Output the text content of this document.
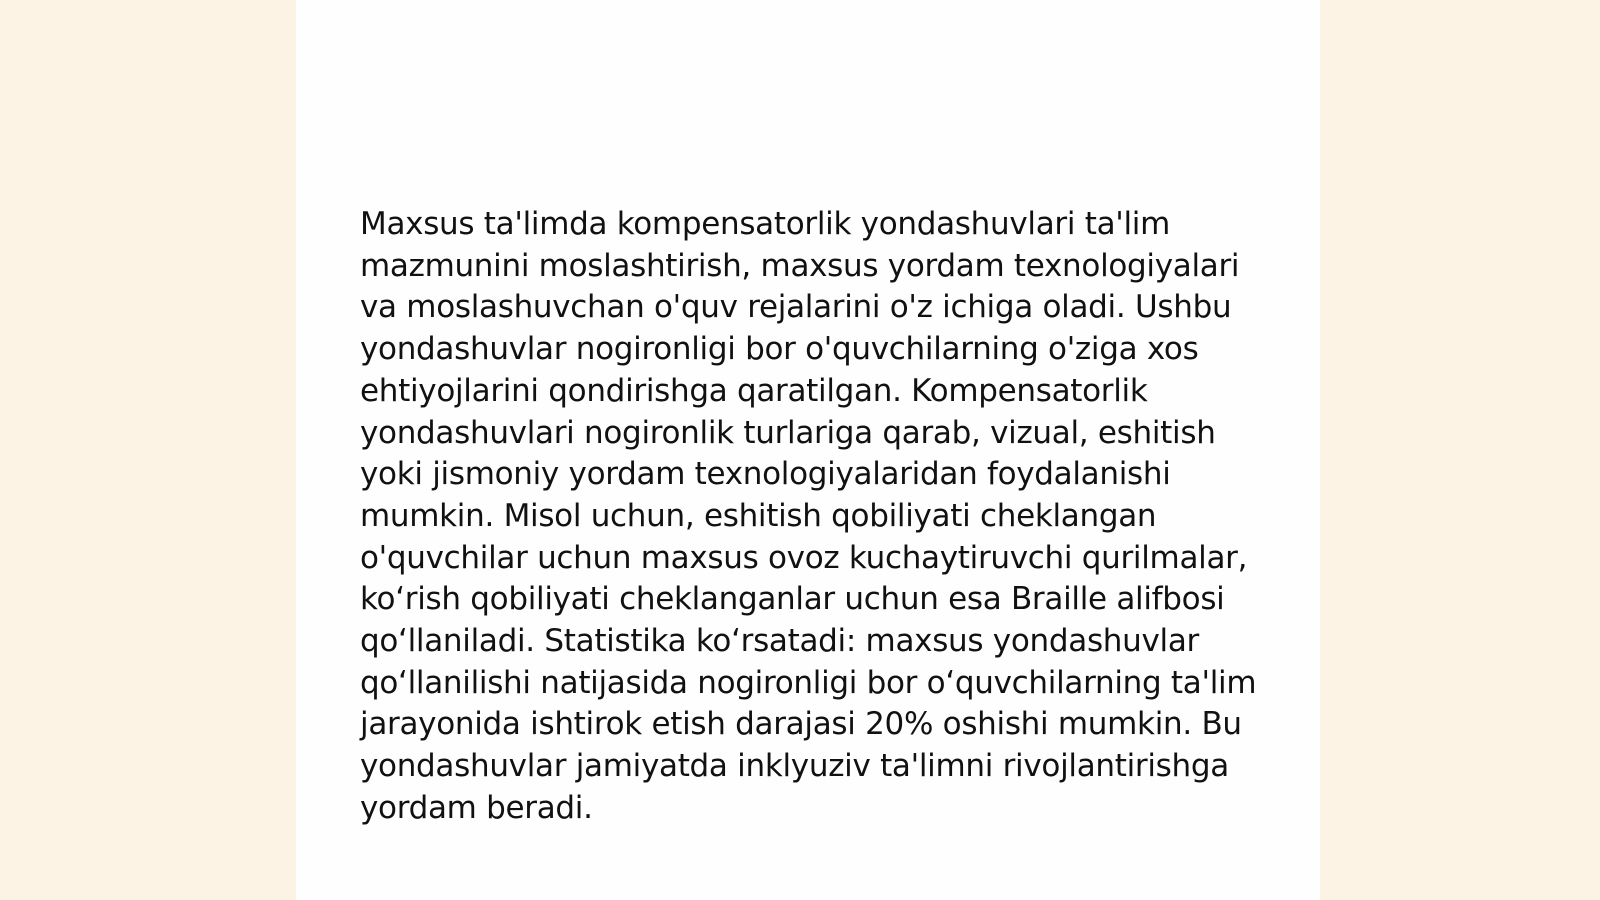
Maxsus ta'limda kompensatorlik yondashuvlari ta'lim mazmunini moslashtirish, maxsus yordam texnologiyalari va moslashuvchan o'quv rejalarini o'z ichiga oladi. Ushbu yondashuvlar nogironligi bor o'quvchilarning o'ziga xos ehtiyojlarini qondirishga qaratilgan. Kompensatorlik yondashuvlari nogironlik turlariga qarab, vizual, eshitish yoki jismoniy yordam texnologiyalaridan foydalanishi mumkin. Misol uchun, eshitish qobiliyati cheklangan o'quvchilar uchun maxsus ovoz kuchaytiruvchi qurilmalar, koʻrish qobiliyati cheklanganlar uchun esa Braille alifbosi qoʻllaniladi. Statistika koʻrsatadi: maxsus yondashuvlar qoʻllanilishi natijasida nogironligi bor oʻquvchilarning ta'lim jarayonida ishtirok etish darajasi 20% oshishi mumkin. Bu yondashuvlar jamiyatda inklyuziv ta'limni rivojlantirishga yordam beradi.
